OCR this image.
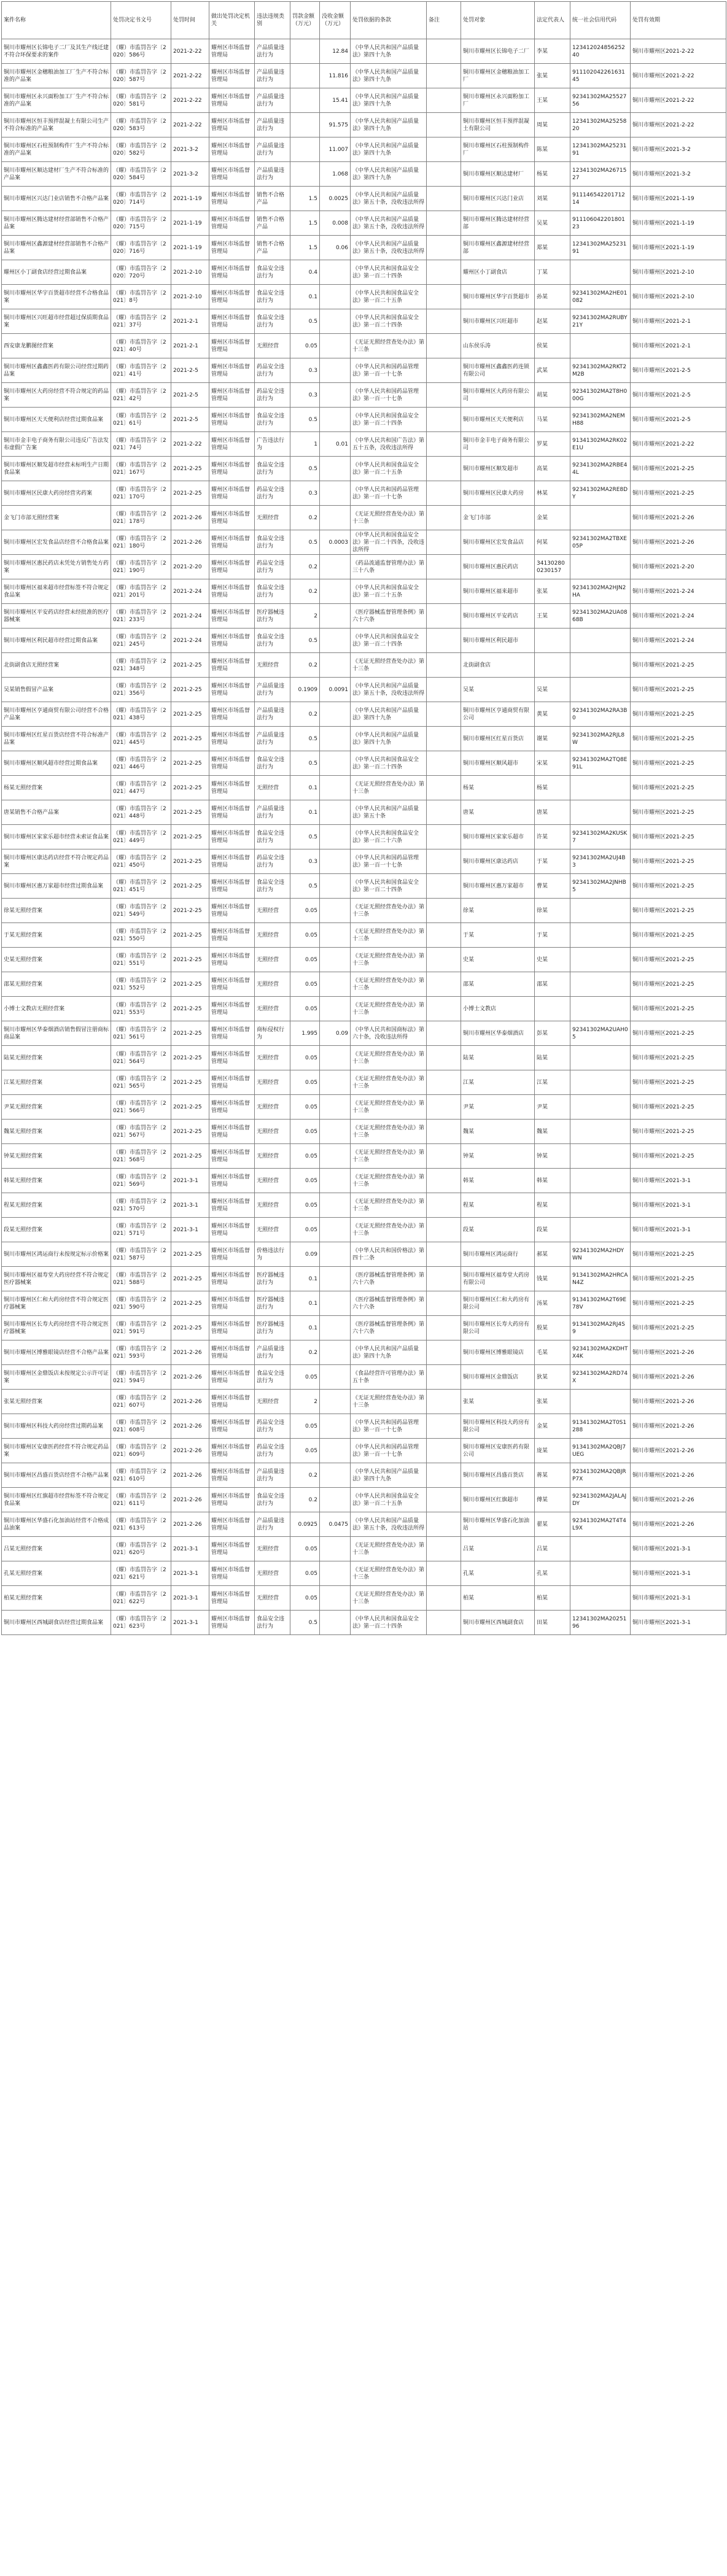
案件名称	处罚决定书文号	处罚时间	做出处罚决定机关	违法违规类别	罚款金额（万元）	没收金额（万元）	处罚依据的条款	备注	处罚对象	法定代表人	统一社会信用代码	处罚有效期
铜川市耀州区长锦电子二厂及其生产线迁建不符合环保要求的案件	（耀）市监罚告字〔2020〕586号	2021-2-22	耀州区市场监督管理局	产品质量违法行为		12.84	《中华人民共和国产品质量法》第四十九条		铜川市耀州区长锦电子二厂	李某	12341202485625240	铜川市耀州区2021-2-22
铜川市耀州区金穗粮油加工厂生产不符合标准的产品案	（耀）市监罚告字〔2020〕587号	2021-2-22	耀州区市场监督管理局	产品质量违法行为		11.816	《中华人民共和国产品质量法》第四十九条		铜川市耀州区金穗粮油加工厂	张某	91110204226163145	铜川市耀州区2021-2-22
铜川市耀州区永兴面粉加工厂生产不符合标准的产品案	（耀）市监罚告字〔2020〕581号	2021-2-22	耀州区市场监督管理局	产品质量违法行为		15.41	《中华人民共和国产品质量法》第四十九条		铜川市耀州区永兴面粉加工厂	王某	92341302MA2552756	铜川市耀州区2021-2-22
铜川市耀州区恒丰预拌混凝土有限公司生产不符合标准的产品案	（耀）市监罚告字〔2020〕583号	2021-2-22	耀州区市场监督管理局	产品质量违法行为		91.575	《中华人民共和国产品质量法》第四十九条		铜川市耀州区恒丰预拌混凝土有限公司	周某	12341302MA2525820	铜川市耀州区2021-2-22
铜川市耀州区石柱预制构件厂生产不符合标准的产品案	（耀）市监罚告字〔2020〕582号	2021-3-2	耀州区市场监督管理局	产品质量违法行为		11.007	《中华人民共和国产品质量法》第四十九条		铜川市耀州区石柱预制构件厂	陈某	12341302MA2523191	铜川市耀州区2021-3-2
铜川市耀州区顺达建材厂生产不符合标准的产品案	（耀）市监罚告字〔2020〕584号	2021-3-2	耀州区市场监督管理局	产品质量违法行为		1.068	《中华人民共和国产品质量法》第四十九条		铜川市耀州区顺达建材厂	杨某	12341302MA2671527	铜川市耀州区2021-3-2
铜川市耀州区兴达门业店销售不合格产品案	（耀）市监罚告字〔2020〕714号	2021-1-19	耀州区市场监督管理局	销售不合格产品	1.5	0.0025	《中华人民共和国产品质量法》第五十条，没收违法所得		铜川市耀州区兴达门业店	刘某	91114654220171214	铜川市耀州区2021-1-19
铜川市耀州区腾达建材经营部销售不合格产品案	（耀）市监罚告字〔2020〕715号	2021-1-19	耀州区市场监督管理局	销售不合格产品	1.5	0.008	《中华人民共和国产品质量法》第五十条，没收违法所得		铜川市耀州区腾达建材经营部	吴某	91110604220180123	铜川市耀州区2021-1-19
铜川市耀州区鑫源建材经营部销售不合格产品案	（耀）市监罚告字〔2020〕716号	2021-1-19	耀州区市场监督管理局	销售不合格产品	1.5	0.06	《中华人民共和国产品质量法》第五十条，没收违法所得		铜川市耀州区鑫源建材经营部	郑某	12341302MA2523191	铜川市耀州区2021-1-19
耀州区小丁副食店经营过期食品案	（耀）市监罚告字〔2020〕720号	2021-2-10	耀州区市场监督管理局	食品安全违法行为	0.4		《中华人民共和国食品安全法》第一百二十四条		耀州区小丁副食店	丁某		铜川市耀州区2021-2-10
铜川市耀州区华宇百货超市经营不合格食品案	（耀）市监罚告字〔2021〕8号	2021-2-10	耀州区市场监督管理局	食品安全违法行为	0.1		《中华人民共和国食品安全法》第一百二十五条		铜川市耀州区华宇百货超市	孙某	92341302MA2HE01082	铜川市耀州区2021-2-10
铜川市耀州区兴旺超市经营超过保质期食品案	（耀）市监罚告字〔2021〕37号	2021-2-1	耀州区市场监督管理局	食品安全违法行为	0.5		《中华人民共和国食品安全法》第一百二十四条		铜川市耀州区兴旺超市	赵某	92341302MA2RUBY21Y	铜川市耀州区2021-2-1
西安康龙鹏图经营案	（耀）市监罚告字〔2021〕40号	2021-2-1	耀州区市场监督管理局	无照经营	0.05		《无证无照经营查处办法》第十三条		山东侯乐涛	侯某		铜川市耀州区2021-2-1
铜川市耀州区鑫鑫医药有限公司经营过期药品案	（耀）市监罚告字〔2021〕41号	2021-2-5	耀州区市场监督管理局	药品安全违法行为	0.3		《中华人民共和国药品管理法》第一百一十七条		铜川市耀州区鑫鑫医药连锁有限公司	武某	92341302MA2RKT2M2B	铜川市耀州区2021-2-5
铜川市耀州区大药房经营不符合规定的药品案	（耀）市监罚告字〔2021〕42号	2021-2-5	耀州区市场监督管理局	药品安全违法行为	0.3		《中华人民共和国药品管理法》第一百一十七条		铜川市耀州区大药房有限公司	胡某	92341302MA2T8H000G	铜川市耀州区2021-2-5
铜川市耀州区天天便利店经营过期食品案	（耀）市监罚告字〔2021〕61号	2021-2-5	耀州区市场监督管理局	食品安全违法行为	0.5		《中华人民共和国食品安全法》第一百二十四条		铜川市耀州区天天便利店	马某	92341302MA2NEMH88	铜川市耀州区2021-2-5
铜川市金丰电子商务有限公司违反广告法发布虚假广告案	（耀）市监罚告字〔2021〕74号	2021-2-22	耀州区市场监督管理局	广告违法行为	1	0.01	《中华人民共和国广告法》第五十五条，没收违法所得		铜川市金丰电子商务有限公司	罗某	91341302MA2RK02E1U	铜川市耀州区2021-2-22
铜川市耀州区顺发超市经营未标明生产日期食品案	（耀）市监罚告字〔2021〕167号	2021-2-25	耀州区市场监督管理局	食品安全违法行为	0.5		《中华人民共和国食品安全法》第一百二十五条		铜川市耀州区顺发超市	高某	92341302MA2RBE44L	铜川市耀州区2021-2-25
铜川市耀州区民康大药房经营劣药案	（耀）市监罚告字〔2021〕170号	2021-2-25	耀州区市场监督管理局	药品安全违法行为	0.3		《中华人民共和国药品管理法》第一百一十七条		铜川市耀州区民康大药房	林某	92341302MA2RE8DY	铜川市耀州区2021-2-25
金飞门市部无照经营案	（耀）市监罚告字〔2021〕178号	2021-2-26	耀州区市场监督管理局	无照经营	0.2		《无证无照经营查处办法》第十三条		金飞门市部	金某		铜川市耀州区2021-2-26
铜川市耀州区宏发食品店经营不合格食品案	（耀）市监罚告字〔2021〕180号	2021-2-26	耀州区市场监督管理局	食品安全违法行为	0.5	0.0003	《中华人民共和国食品安全法》第一百二十四条，没收违法所得		铜川市耀州区宏发食品店	何某	92341302MA2TBXE05P	铜川市耀州区2021-2-26
铜川市耀州区惠民药店未凭处方销售处方药案	（耀）市监罚告字〔2021〕190号	2021-2-20	耀州区市场监督管理局	药品安全违法行为	0.2		《药品流通监督管理办法》第三十八条		铜川市耀州区惠民药店	341302800230157		铜川市耀州区2021-2-20
铜川市耀州区福来超市经营标签不符合规定食品案	（耀）市监罚告字〔2021〕201号	2021-2-24	耀州区市场监督管理局	食品安全违法行为	0.2		《中华人民共和国食品安全法》第一百二十五条		铜川市耀州区福来超市	张某	92341302MA2HJN2HA	铜川市耀州区2021-2-24
铜川市耀州区平安药店经营未经批准的医疗器械案	（耀）市监罚告字〔2021〕233号	2021-2-24	耀州区市场监督管理局	医疗器械违法行为	2		《医疗器械监督管理条例》第六十六条		铜川市耀州区平安药店	王某	92341302MA2UA0868B	铜川市耀州区2021-2-24
铜川市耀州区利民超市经营过期食品案	（耀）市监罚告字〔2021〕245号	2021-2-24	耀州区市场监督管理局	食品安全违法行为	0.5		《中华人民共和国食品安全法》第一百二十四条		铜川市耀州区利民超市			铜川市耀州区2021-2-24
北街副食店无照经营案	（耀）市监罚告字〔2021〕348号	2021-2-25	耀州区市场监督管理局	无照经营	0.2		《无证无照经营查处办法》第十三条		北街副食店			铜川市耀州区2021-2-25
吴某销售假冒产品案	（耀）市监罚告字〔2021〕356号	2021-2-25	耀州区市场监督管理局	产品质量违法行为	0.1909	0.0091	《中华人民共和国产品质量法》第五十条，没收违法所得		吴某	吴某		铜川市耀州区2021-2-25
铜川市耀州区亨通商贸有限公司经营不合格产品案	（耀）市监罚告字〔2021〕438号	2021-2-25	耀州区市场监督管理局	产品质量违法行为	0.2		《中华人民共和国产品质量法》第四十九条		铜川市耀州区亨通商贸有限公司	黄某	92341302MA2RA3B0	铜川市耀州区2021-2-25
铜川市耀州区红星百货店经营不符合标准产品案	（耀）市监罚告字〔2021〕445号	2021-2-25	耀州区市场监督管理局	产品质量违法行为	0.5		《中华人民共和国产品质量法》第四十九条		铜川市耀州区红星百货店	谢某	92341302MA2RJL8W	铜川市耀州区2021-2-25
铜川市耀州区顺风超市经营过期食品案	（耀）市监罚告字〔2021〕446号	2021-2-25	耀州区市场监督管理局	食品安全违法行为	0.5		《中华人民共和国食品安全法》第一百二十四条		铜川市耀州区顺风超市	宋某	92341302MA2TQ8E91L	铜川市耀州区2021-2-25
杨某无照经营案	（耀）市监罚告字〔2021〕447号	2021-2-25	耀州区市场监督管理局	无照经营	0.1		《无证无照经营查处办法》第十三条		杨某	杨某		铜川市耀州区2021-2-25
唐某销售不合格产品案	（耀）市监罚告字〔2021〕448号	2021-2-25	耀州区市场监督管理局	产品质量违法行为	0.1		《中华人民共和国产品质量法》第五十条		唐某	唐某		铜川市耀州区2021-2-25
铜川市耀州区家家乐超市经营未索证食品案	（耀）市监罚告字〔2021〕449号	2021-2-25	耀州区市场监督管理局	食品安全违法行为	0.5		《中华人民共和国食品安全法》第一百二十六条		铜川市耀州区家家乐超市	许某	92341302MA2KUSK7	铜川市耀州区2021-2-25
铜川市耀州区康达药店经营不符合规定药品案	（耀）市监罚告字〔2021〕450号	2021-2-25	耀州区市场监督管理局	药品安全违法行为	0.3		《中华人民共和国药品管理法》第一百一十七条		铜川市耀州区康达药店	于某	92341302MA2UJ4B3	铜川市耀州区2021-2-25
铜川市耀州区惠万家超市经营过期食品案	（耀）市监罚告字〔2021〕451号	2021-2-25	耀州区市场监督管理局	食品安全违法行为	0.5		《中华人民共和国食品安全法》第一百二十四条		铜川市耀州区惠万家超市	曹某	92341302MA2JNHB5	铜川市耀州区2021-2-25
徐某无照经营案	（耀）市监罚告字〔2021〕549号	2021-2-25	耀州区市场监督管理局	无照经营	0.05		《无证无照经营查处办法》第十三条		徐某	徐某		铜川市耀州区2021-2-25
于某无照经营案	（耀）市监罚告字〔2021〕550号	2021-2-25	耀州区市场监督管理局	无照经营	0.05		《无证无照经营查处办法》第十三条		于某	于某		铜川市耀州区2021-2-25
史某无照经营案	（耀）市监罚告字〔2021〕551号	2021-2-25	耀州区市场监督管理局	无照经营	0.05		《无证无照经营查处办法》第十三条		史某	史某		铜川市耀州区2021-2-25
邵某无照经营案	（耀）市监罚告字〔2021〕552号	2021-2-25	耀州区市场监督管理局	无照经营	0.05		《无证无照经营查处办法》第十三条		邵某	邵某		铜川市耀州区2021-2-25
小博士文教店无照经营案	（耀）市监罚告字〔2021〕553号	2021-2-25	耀州区市场监督管理局	无照经营	0.05		《无证无照经营查处办法》第十三条		小博士文教店			铜川市耀州区2021-2-25
铜川市耀州区华泰烟酒店销售假冒注册商标商品案	（耀）市监罚告字〔2021〕561号	2021-2-25	耀州区市场监督管理局	商标侵权行为	1.995	0.09	《中华人民共和国商标法》第六十条，没收违法所得		铜川市耀州区华泰烟酒店	彭某	92341302MA2UAH05	铜川市耀州区2021-2-25
陆某无照经营案	（耀）市监罚告字〔2021〕564号	2021-2-25	耀州区市场监督管理局	无照经营	0.05		《无证无照经营查处办法》第十三条		陆某	陆某		铜川市耀州区2021-2-25
江某无照经营案	（耀）市监罚告字〔2021〕565号	2021-2-25	耀州区市场监督管理局	无照经营	0.05		《无证无照经营查处办法》第十三条		江某	江某		铜川市耀州区2021-2-25
尹某无照经营案	（耀）市监罚告字〔2021〕566号	2021-2-25	耀州区市场监督管理局	无照经营	0.05		《无证无照经营查处办法》第十三条		尹某	尹某		铜川市耀州区2021-2-25
魏某无照经营案	（耀）市监罚告字〔2021〕567号	2021-2-25	耀州区市场监督管理局	无照经营	0.05		《无证无照经营查处办法》第十三条		魏某	魏某		铜川市耀州区2021-2-25
钟某无照经营案	（耀）市监罚告字〔2021〕568号	2021-2-25	耀州区市场监督管理局	无照经营	0.05		《无证无照经营查处办法》第十三条		钟某	钟某		铜川市耀州区2021-2-25
韩某无照经营案	（耀）市监罚告字〔2021〕569号	2021-3-1	耀州区市场监督管理局	无照经营	0.05		《无证无照经营查处办法》第十三条		韩某	韩某		铜川市耀州区2021-3-1
程某无照经营案	（耀）市监罚告字〔2021〕570号	2021-3-1	耀州区市场监督管理局	无照经营	0.05		《无证无照经营查处办法》第十三条		程某	程某		铜川市耀州区2021-3-1
段某无照经营案	（耀）市监罚告字〔2021〕571号	2021-3-1	耀州区市场监督管理局	无照经营	0.05		《无证无照经营查处办法》第十三条		段某	段某		铜川市耀州区2021-3-1
铜川市耀州区鸿运商行未按规定标示价格案	（耀）市监罚告字〔2021〕587号	2021-2-25	耀州区市场监督管理局	价格违法行为	0.09		《中华人民共和国价格法》第四十二条		铜川市耀州区鸿运商行	郝某	92341302MA2HDYWN	铜川市耀州区2021-2-25
铜川市耀州区福寿堂大药房经营不符合规定医疗器械案	（耀）市监罚告字〔2021〕588号	2021-2-25	耀州区市场监督管理局	医疗器械违法行为	0.1		《医疗器械监督管理条例》第六十六条		铜川市耀州区福寿堂大药房有限公司	钱某	91341302MA2HRCAN4Z	铜川市耀州区2021-2-25
铜川市耀州区仁和大药房经营不符合规定医疗器械案	（耀）市监罚告字〔2021〕590号	2021-2-25	耀州区市场监督管理局	医疗器械违法行为	0.1		《医疗器械监督管理条例》第六十六条		铜川市耀州区仁和大药房有限公司	汤某	91341302MA2T69E78V	铜川市耀州区2021-2-25
铜川市耀州区长寿大药房经营不符合规定医疗器械案	（耀）市监罚告字〔2021〕591号	2021-2-25	耀州区市场监督管理局	医疗器械违法行为	0.1		《医疗器械监督管理条例》第六十六条		铜川市耀州区长寿大药房有限公司	殷某	91341302MA2RJ4S9	铜川市耀州区2021-2-25
铜川市耀州区博雅眼镜店经营不合格产品案	（耀）市监罚告字〔2021〕593号	2021-2-26	耀州区市场监督管理局	产品质量违法行为	0.2		《中华人民共和国产品质量法》第四十九条		铜川市耀州区博雅眼镜店	毛某	92341302MA2KDHTX4K	铜川市耀州区2021-2-26
铜川市耀州区金鼎饭店未按规定公示许可证案	（耀）市监罚告字〔2021〕594号	2021-2-26	耀州区市场监督管理局	食品安全违法行为	0.05		《食品经营许可管理办法》第五十条		铜川市耀州区金鼎饭店	狄某	92341302MA2RD74X	铜川市耀州区2021-2-26
张某无照经营案	（耀）市监罚告字〔2021〕607号	2021-2-26	耀州区市场监督管理局	无照经营	2		《无证无照经营查处办法》第十三条		张某	张某		铜川市耀州区2021-2-26
铜川市耀州区科技大药房经营过期药品案	（耀）市监罚告字〔2021〕608号	2021-2-26	耀州区市场监督管理局	药品安全违法行为	0.05		《中华人民共和国药品管理法》第一百一十七条		铜川市耀州区科技大药房有限公司	金某	91341302MA2T0S1288	铜川市耀州区2021-2-26
铜川市耀州区安康医药经营不符合规定药品案	（耀）市监罚告字〔2021〕609号	2021-2-26	耀州区市场监督管理局	药品安全违法行为	0.05		《中华人民共和国药品管理法》第一百一十七条		铜川市耀州区安康医药有限公司	庞某	91341302MA2QBJ7UEG	铜川市耀州区2021-2-26
铜川市耀州区昌盛百货店经营不合格产品案	（耀）市监罚告字〔2021〕610号	2021-2-26	耀州区市场监督管理局	产品质量违法行为	0.2		《中华人民共和国产品质量法》第四十九条		铜川市耀州区昌盛百货店	蒋某	92341302MA2QBJRP7X	铜川市耀州区2021-2-26
铜川市耀州区红旗超市经营标签不符合规定食品案	（耀）市监罚告字〔2021〕611号	2021-2-26	耀州区市场监督管理局	食品安全违法行为	0.2		《中华人民共和国食品安全法》第一百二十五条		铜川市耀州区红旗超市	傅某	92341302MA2JALAJDY	铜川市耀州区2021-2-26
铜川市耀州区华盛石化加油站经营不合格成品油案	（耀）市监罚告字〔2021〕613号	2021-2-26	耀州区市场监督管理局	产品质量违法行为	0.0925	0.0475	《中华人民共和国产品质量法》第五十条，没收违法所得		铜川市耀州区华盛石化加油站	翟某	92341302MA2T4T4L9X	铜川市耀州区2021-2-26
吕某无照经营案	（耀）市监罚告字〔2021〕620号	2021-3-1	耀州区市场监督管理局	无照经营	0.05		《无证无照经营查处办法》第十三条		吕某	吕某		铜川市耀州区2021-3-1
孔某无照经营案	（耀）市监罚告字〔2021〕621号	2021-3-1	耀州区市场监督管理局	无照经营	0.05		《无证无照经营查处办法》第十三条		孔某	孔某		铜川市耀州区2021-3-1
柏某无照经营案	（耀）市监罚告字〔2021〕622号	2021-3-1	耀州区市场监督管理局	无照经营	0.05		《无证无照经营查处办法》第十三条		柏某	柏某		铜川市耀州区2021-3-1
铜川市耀州区西城副食店经营过期食品案	（耀）市监罚告字〔2021〕623号	2021-3-1	耀州区市场监督管理局	食品安全违法行为	0.5		《中华人民共和国食品安全法》第一百二十四条		铜川市耀州区西城副食店	田某	12341302MA2025196	铜川市耀州区2021-3-1
